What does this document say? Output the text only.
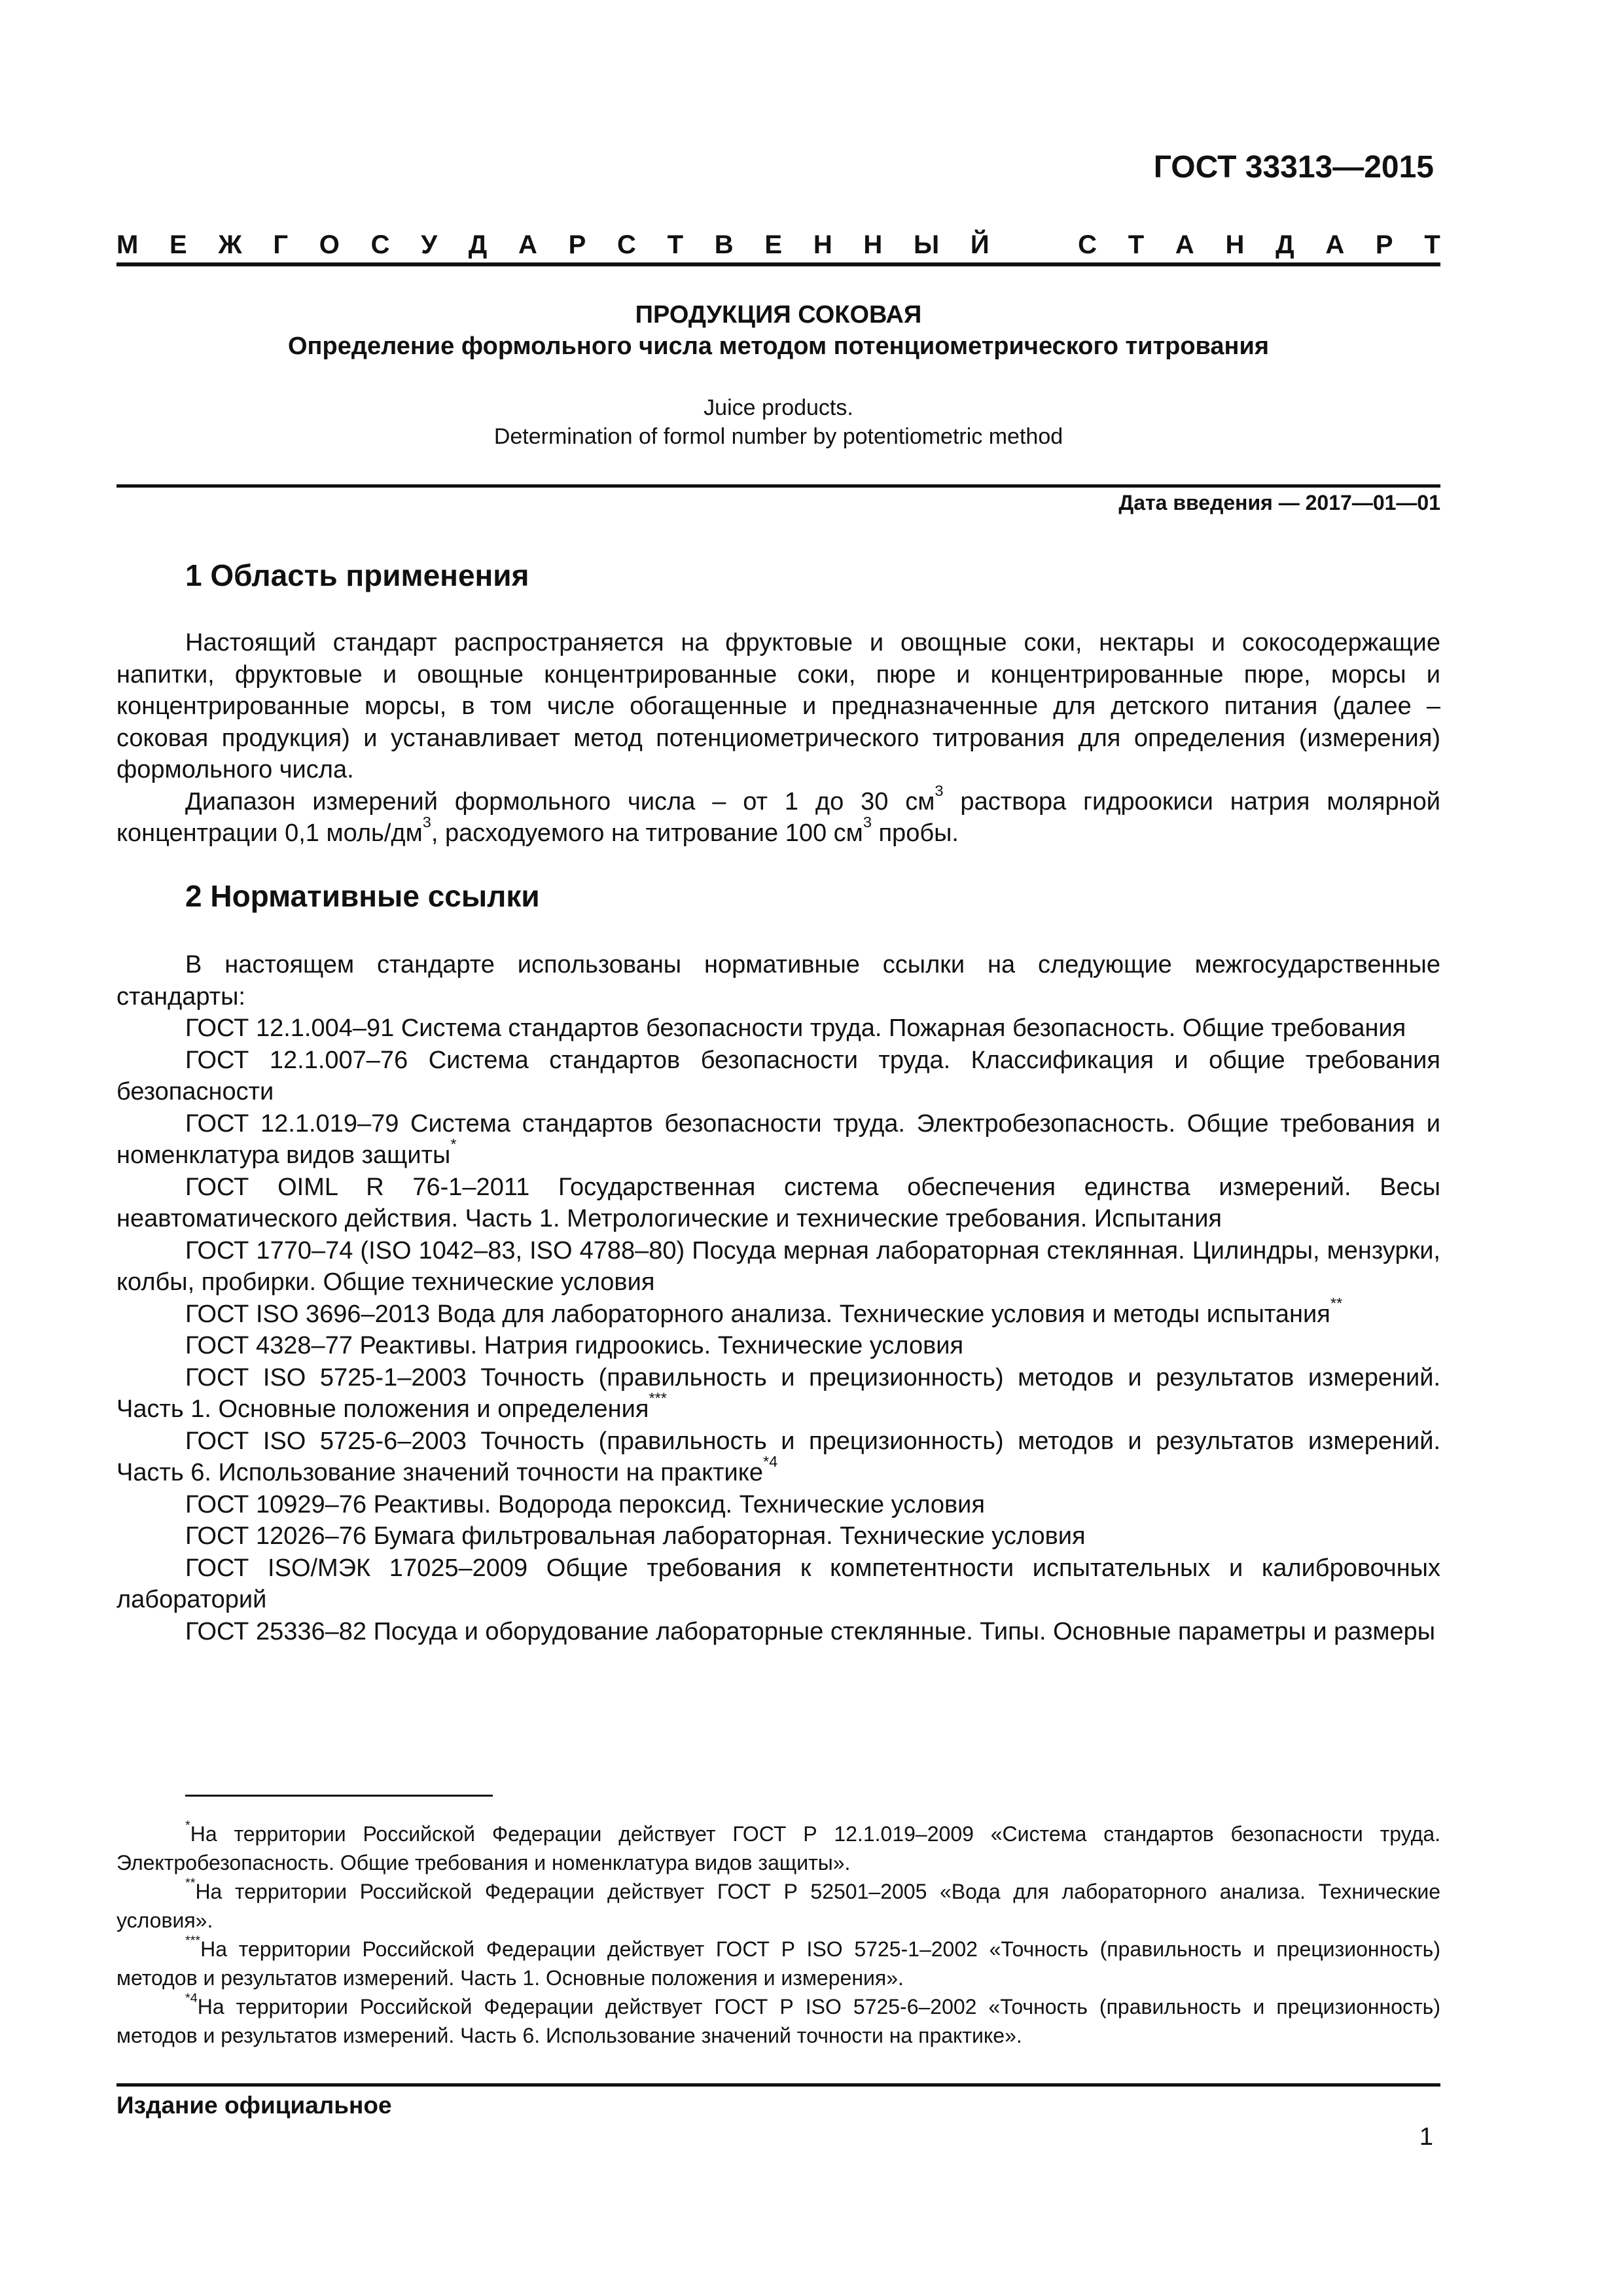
ГОСТ 33313—2015
М Е Ж Г О С У Д А Р С Т В Е Н Н Ы Й	С Т А Н Д А Р Т
ПРОДУКЦИЯ СОКОВАЯ
Определение формольного числа методом потенциометрического титрования
Juice products.
Determination of formol number by potentiometric method
Дата введения — 2017—01—01
1 Область применения

Настоящий стандарт распространяется на фруктовые и овощные соки, нектары и сокосодержащие напитки, фруктовые и овощные концентрированные соки, пюре и концентрированные пюре, морсы и концентрированные морсы, в том числе обогащенные и предназначенные для детского питания (далее – соковая продукция) и устанавливает метод потенциометрического титрования для определения (измерения) формольного числа.

Диапазон измерений формольного числа – от 1 до 30 $см^3$ раствора гидроокиси натрия молярной концентрации 0,1 моль/$дм^3$, расходуемого на титрование 100 $см^3$ пробы.

2 Нормативные ссылки

В настоящем стандарте использованы нормативные ссылки на следующие межгосударственные стандарты:

ГОСТ 12.1.004–91 Система стандартов безопасности труда. Пожарная безопасность. Общие требования

ГОСТ 12.1.007–76 Система стандартов безопасности труда. Классификация и общие требования безопасности

ГОСТ 12.1.019–79 Система стандартов безопасности труда. Электробезопасность. Общие требования и номенклатура видов защиты*

ГОСТ OIML R 76-1–2011 Государственная система обеспечения единства измерений. Весы неавтоматического действия. Часть 1. Метрологические и технические требования. Испытания

ГОСТ 1770–74 (ISO 1042–83, ISO 4788–80) Посуда мерная лабораторная стеклянная. Цилиндры, мензурки, колбы, пробирки. Общие технические условия

ГОСТ ISO 3696–2013 Вода для лабораторного анализа. Технические условия и методы испытания**

ГОСТ 4328–77 Реактивы. Натрия гидроокись. Технические условия

ГОСТ ISO 5725-1–2003 Точность (правильность и прецизионность) методов и результатов измерений. Часть 1. Основные положения и определения***

ГОСТ ISO 5725-6–2003 Точность (правильность и прецизионность) методов и результатов измерений. Часть 6. Использование значений точности на практике$^{*4}$

ГОСТ 10929–76 Реактивы. Водорода пероксид. Технические условия

ГОСТ 12026–76 Бумага фильтровальная лабораторная. Технические условия

ГОСТ ISO/МЭК 17025–2009 Общие требования к компетентности испытательных и калибровочных лабораторий

ГОСТ 25336–82 Посуда и оборудование лабораторные стеклянные. Типы. Основные параметры и размеры

*На территории Российской Федерации действует ГОСТ Р 12.1.019–2009 «Система стандартов безопасности труда. Электробезопасность. Общие требования и номенклатура видов защиты».

**На территории Российской Федерации действует ГОСТ Р 52501–2005 «Вода для лабораторного анализа. Технические условия».

***На территории Российской Федерации действует ГОСТ Р ISO 5725-1–2002 «Точность (правильность и прецизионность) методов и результатов измерений. Часть 1. Основные положения и измерения».

$^{*4}$На территории Российской Федерации действует ГОСТ Р ISO 5725-6–2002 «Точность (правильность и прецизионность) методов и результатов измерений. Часть 6. Использование значений точности на практике».

Издание официальное
1
